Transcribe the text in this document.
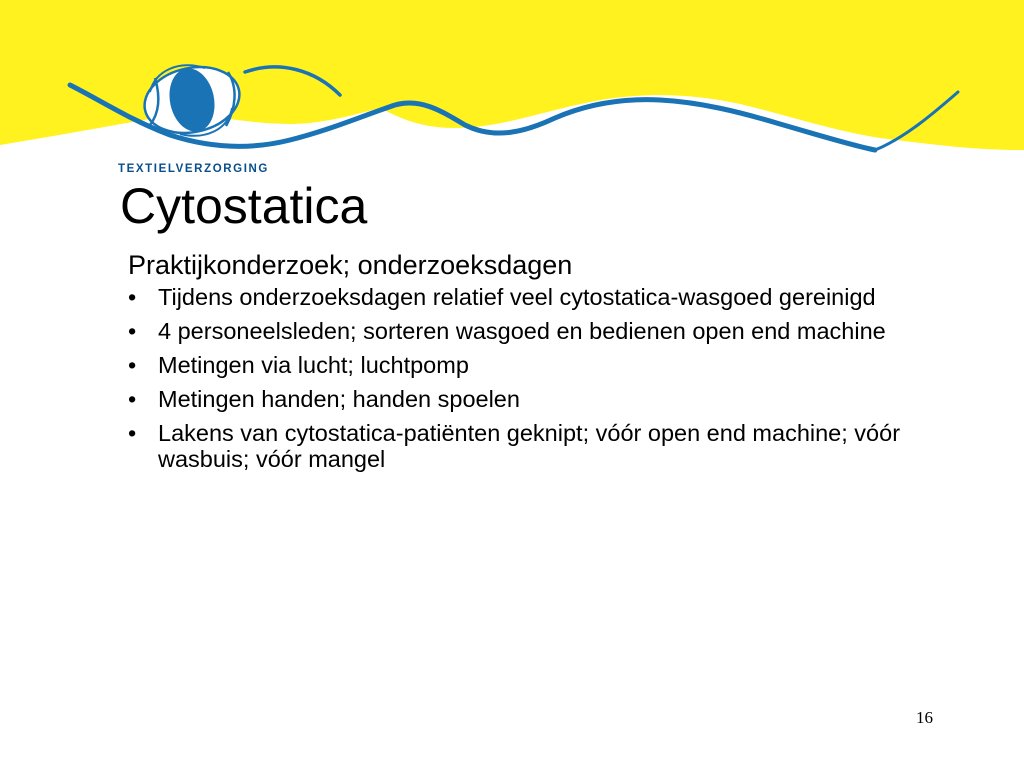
TEXTIELVERZORGING
Cytostatica
Praktijkonderzoek; onderzoeksdagen
• Tijdens onderzoeksdagen relatief veel cytostatica-wasgoed gereinigd
• 4 personeelsleden; sorteren wasgoed en bedienen open end machine
• Metingen via lucht; luchtpomp
• Metingen handen; handen spoelen
• Lakens van cytostatica-patiënten geknipt; vóór open end machine; vóór wasbuis; vóór mangel
16
